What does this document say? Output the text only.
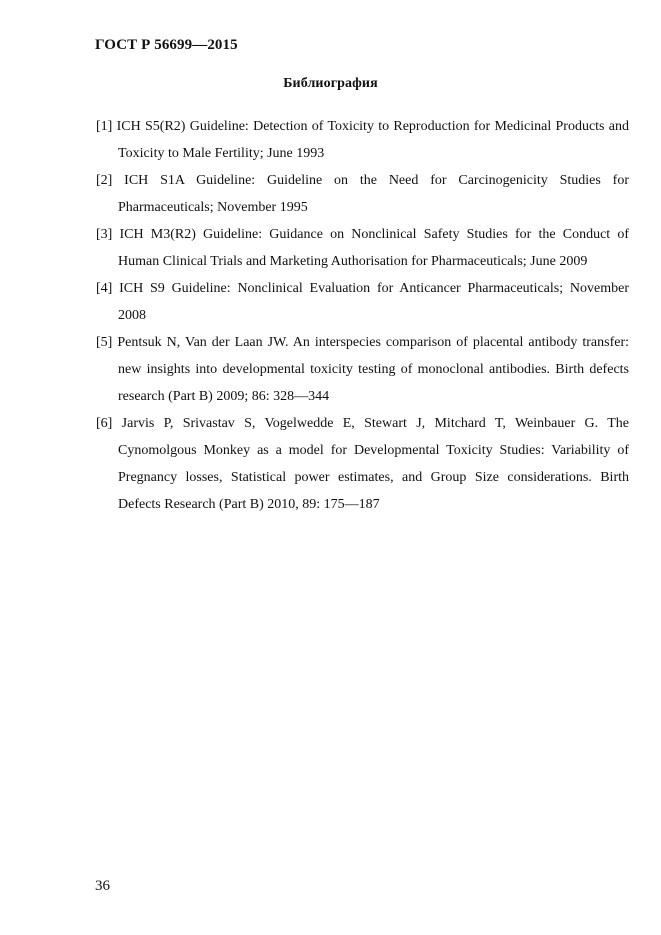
ГОСТ Р 56699—2015
Библиография
[1] ICH S5(R2) Guideline: Detection of Toxicity to Reproduction for Medicinal Products and Toxicity to Male Fertility; June 1993
[2] ICH S1A Guideline: Guideline on the Need for Carcinogenicity Studies for Pharmaceuticals; November 1995
[3] ICH M3(R2) Guideline: Guidance on Nonclinical Safety Studies for the Conduct of Human Clinical Trials and Marketing Authorisation for Pharmaceuticals; June 2009
[4] ICH S9 Guideline: Nonclinical Evaluation for Anticancer Pharmaceuticals; November 2008
[5] Pentsuk N, Van der Laan JW. An interspecies comparison of placental antibody transfer: new insights into developmental toxicity testing of monoclonal antibodies. Birth defects research (Part B) 2009; 86: 328—344
[6] Jarvis P, Srivastav S, Vogelwedde E, Stewart J, Mitchard T, Weinbauer G. The Cynomolgous Monkey as a model for Developmental Toxicity Studies: Variability of Pregnancy losses, Statistical power estimates, and Group Size considerations. Birth Defects Research (Part B) 2010, 89: 175—187
36
